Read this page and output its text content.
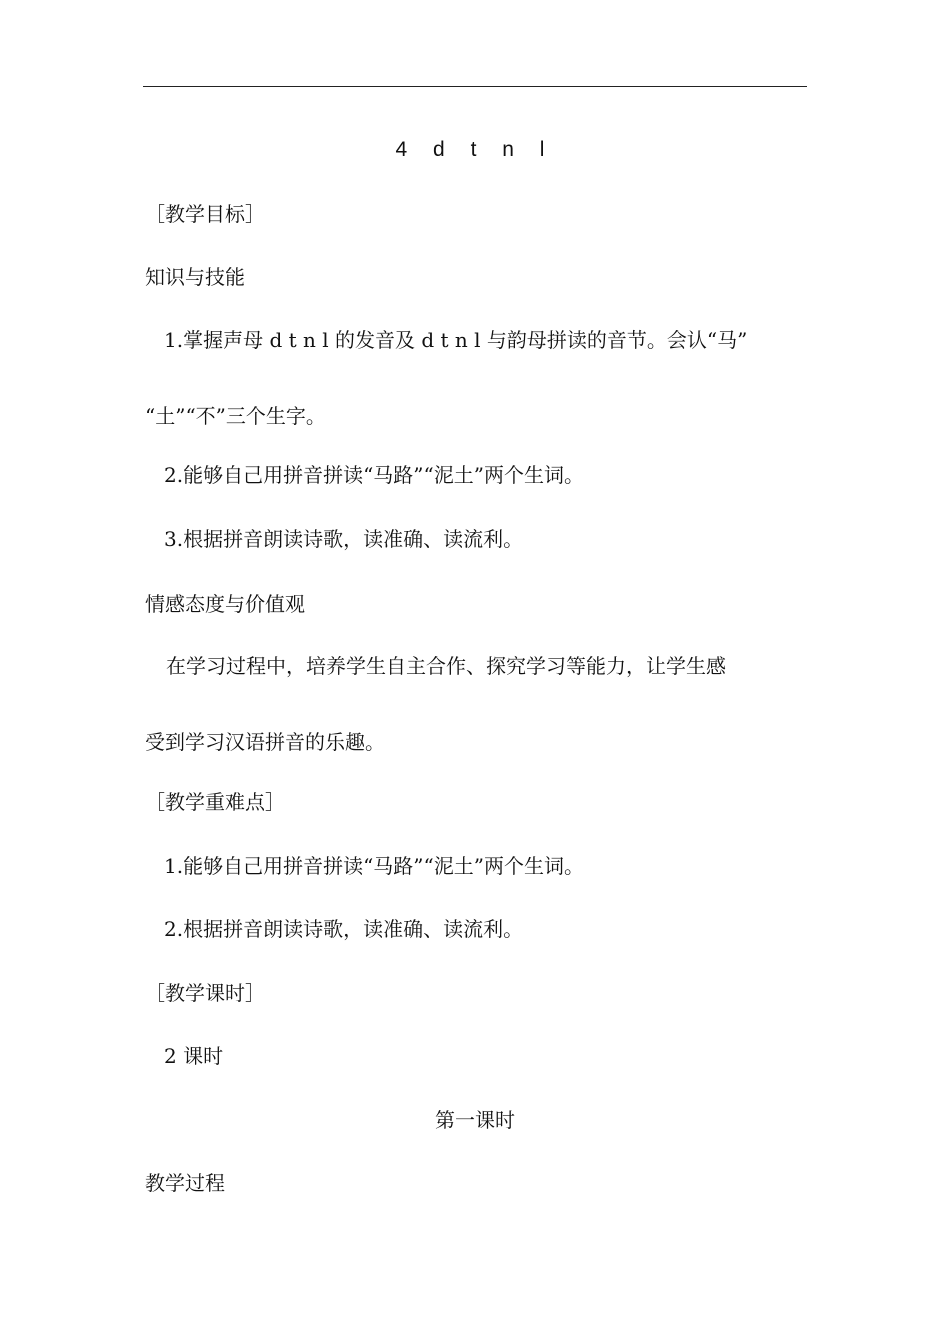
4 d t n l
［教学目标］
知识与技能
1.掌握声母 d t n l 的发音及 d t n l 与韵母拼读的音节。会认“马”
“土”“不”三个生字。
2.能够自己用拼音拼读“马路”“泥土”两个生词。
3.根据拼音朗读诗歌，读准确、读流利。
情感态度与价值观
在学习过程中，培养学生自主合作、探究学习等能力，让学生感
受到学习汉语拼音的乐趣。
［教学重难点］
1.能够自己用拼音拼读“马路”“泥土”两个生词。
2.根据拼音朗读诗歌，读准确、读流利。
［教学课时］
2 课时
第一课时
教学过程
